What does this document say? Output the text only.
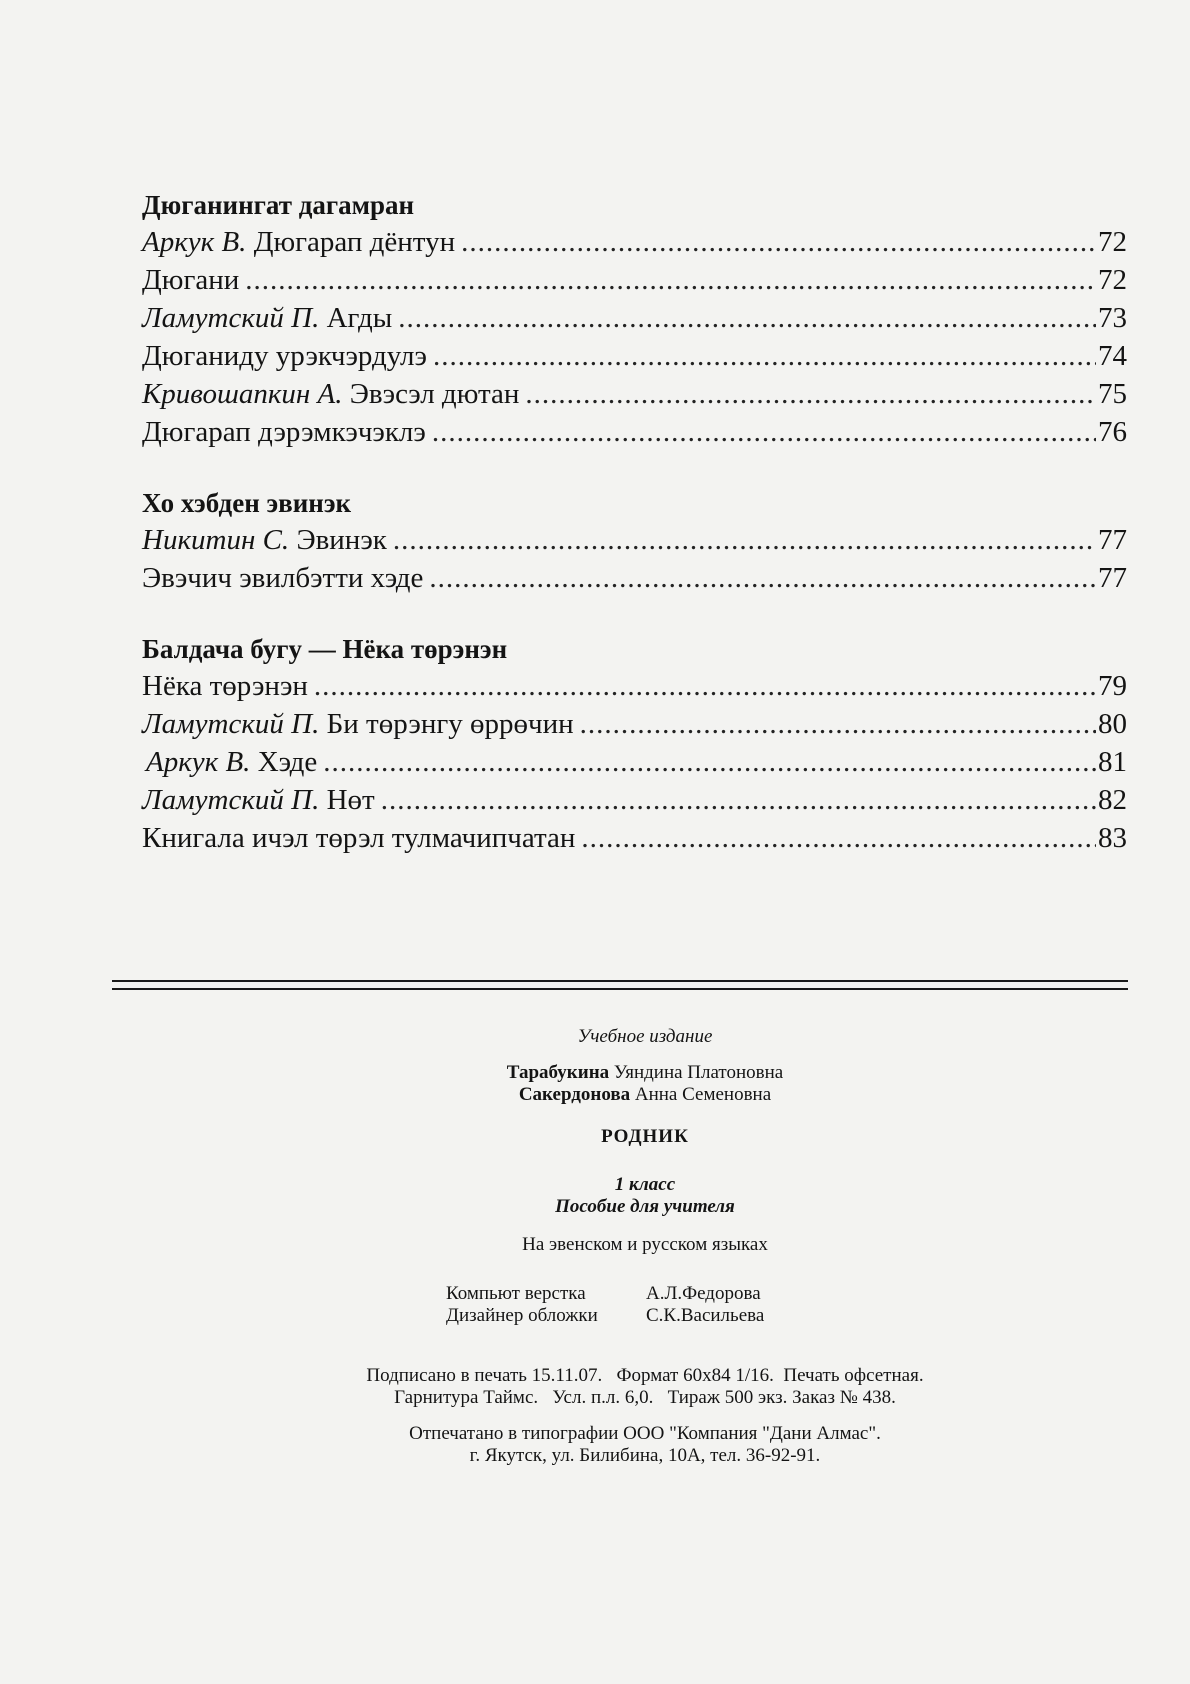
Дюганингат дагамран
Аркук В. Дюгарап дёнтун .....	72
Дюгани .....	72
Ламутский П. Агды .....	73
Дюганиду урэкчэрдулэ .....	74
Кривошапкин А. Эвэсэл дютан .....	75
Дюгарап дэрэмкэчэклэ .....	76
Хо хэбден эвинэк
Никитин С. Эвинэк .....	77
Эвэчич эвилбэтти хэде .....	77
Балдача бугу — Нёка төрэнэн
Нёка төрэнэн .....	79
Ламутский П. Би төрэнгу өррөчин .....	80
Аркук В. Хэде .....	81
Ламутский П. Нөт .....	82
Книгала ичэл төрэл тулмачипчатан .....	83
Учебное издание
Тарабукина Уяндина Платоновна
Сакердонова Анна Семеновна
РОДНИК
1 класс
Пособие для учителя
На эвенском и русском языках
Компьют верстка	А.Л.Федорова
Дизайнер обложки	С.К.Васильева
Подписано в печать 15.11.07.   Формат 60х84 1/16.  Печать офсетная.
Гарнитура Таймс.   Усл. п.л. 6,0.   Тираж 500 экз. Заказ № 438.
Отпечатано в типографии ООО "Компания "Дани Алмас".
г. Якутск, ул. Билибина, 10А, тел. 36-92-91.
